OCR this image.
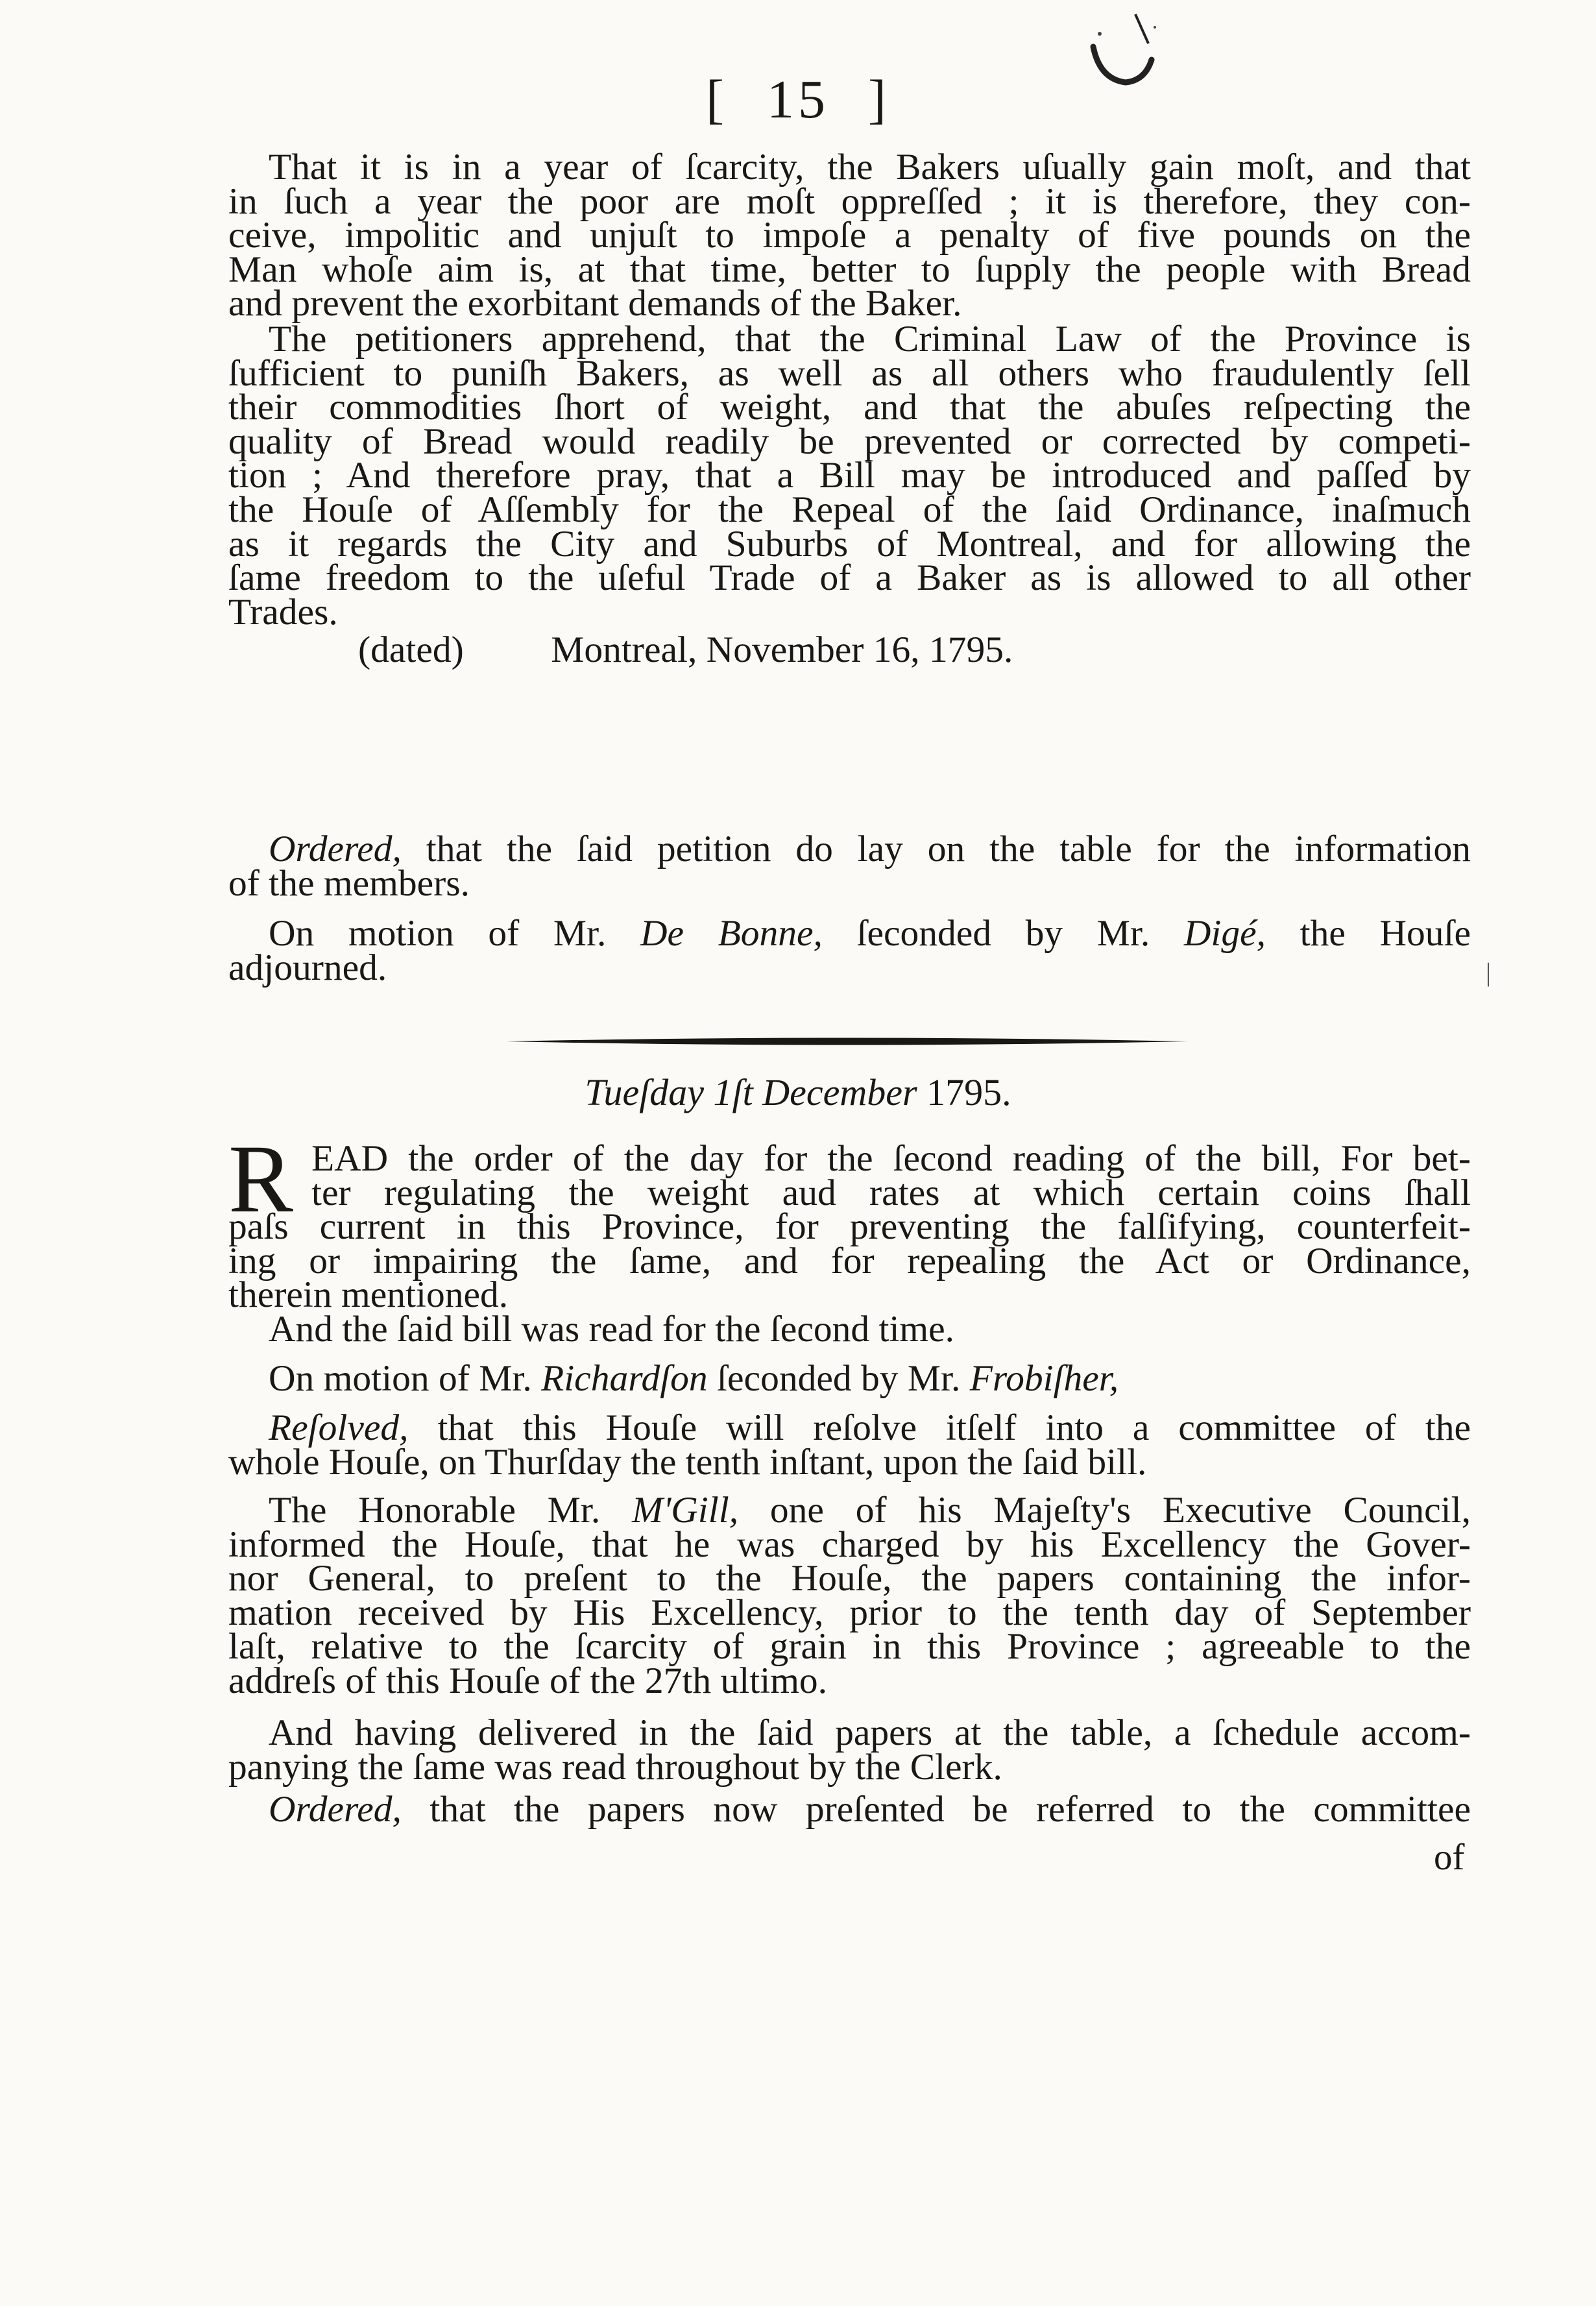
[ 15 ]
That it is in a year of ſcarcity, the Bakers uſually gain moſt, and that
in ſuch a year the poor are moſt oppreſſed ; it is therefore, they con-
ceive, impolitic and unjuſt to impoſe a penalty of five pounds on the
Man whoſe aim is, at that time, better to ſupply the people with Bread
and prevent the exorbitant demands of the Baker.
The petitioners apprehend, that the Criminal Law of the Province is
ſufficient to puniſh Bakers, as well as all others who fraudulently ſell
their commodities ſhort of weight, and that the abuſes reſpecting the
quality of Bread would readily be prevented or corrected by competi-
tion ; And therefore pray, that a Bill may be introduced and paſſed by
the Houſe of Aſſembly for the Repeal of the ſaid Ordinance, inaſmuch
as it regards the City and Suburbs of Montreal, and for allowing the
ſame freedom to the uſeful Trade of a Baker as is allowed to all other
Trades.
(dated) Montreal, November 16, 1795.
Ordered, that the ſaid petition do lay on the table for the information
of the members.
On motion of Mr. De Bonne, ſeconded by Mr. Digé, the Houſe
adjourned.	|
Tueſday 1ſt December 1795.
R EAD the order of the day for the ſecond reading of the bill, For bet-
ter regulating the weight aud rates at which certain coins ſhall
paſs current in this Province, for preventing the falſifying, counterfeit-
ing or impairing the ſame, and for repealing the Act or Ordinance,
therein mentioned.
And the ſaid bill was read for the ſecond time.
On motion of Mr. Richardſon ſeconded by Mr. Frobiſher,
Reſolved, that this Houſe will reſolve itſelf into a committee of the
whole Houſe, on Thurſday the tenth inſtant, upon the ſaid bill.
The Honorable Mr. M'Gill, one of his Majeſty's Executive Council,
informed the Houſe, that he was charged by his Excellency the Gover-
nor General, to preſent to the Houſe, the papers containing the infor-
mation received by His Excellency, prior to the tenth day of September
laſt, relative to the ſcarcity of grain in this Province ; agreeable to the
addreſs of this Houſe of the 27th ultimo.
And having delivered in the ſaid papers at the table, a ſchedule accom-
panying the ſame was read throughout by the Clerk.
Ordered, that the papers now preſented be referred to the committee
of
